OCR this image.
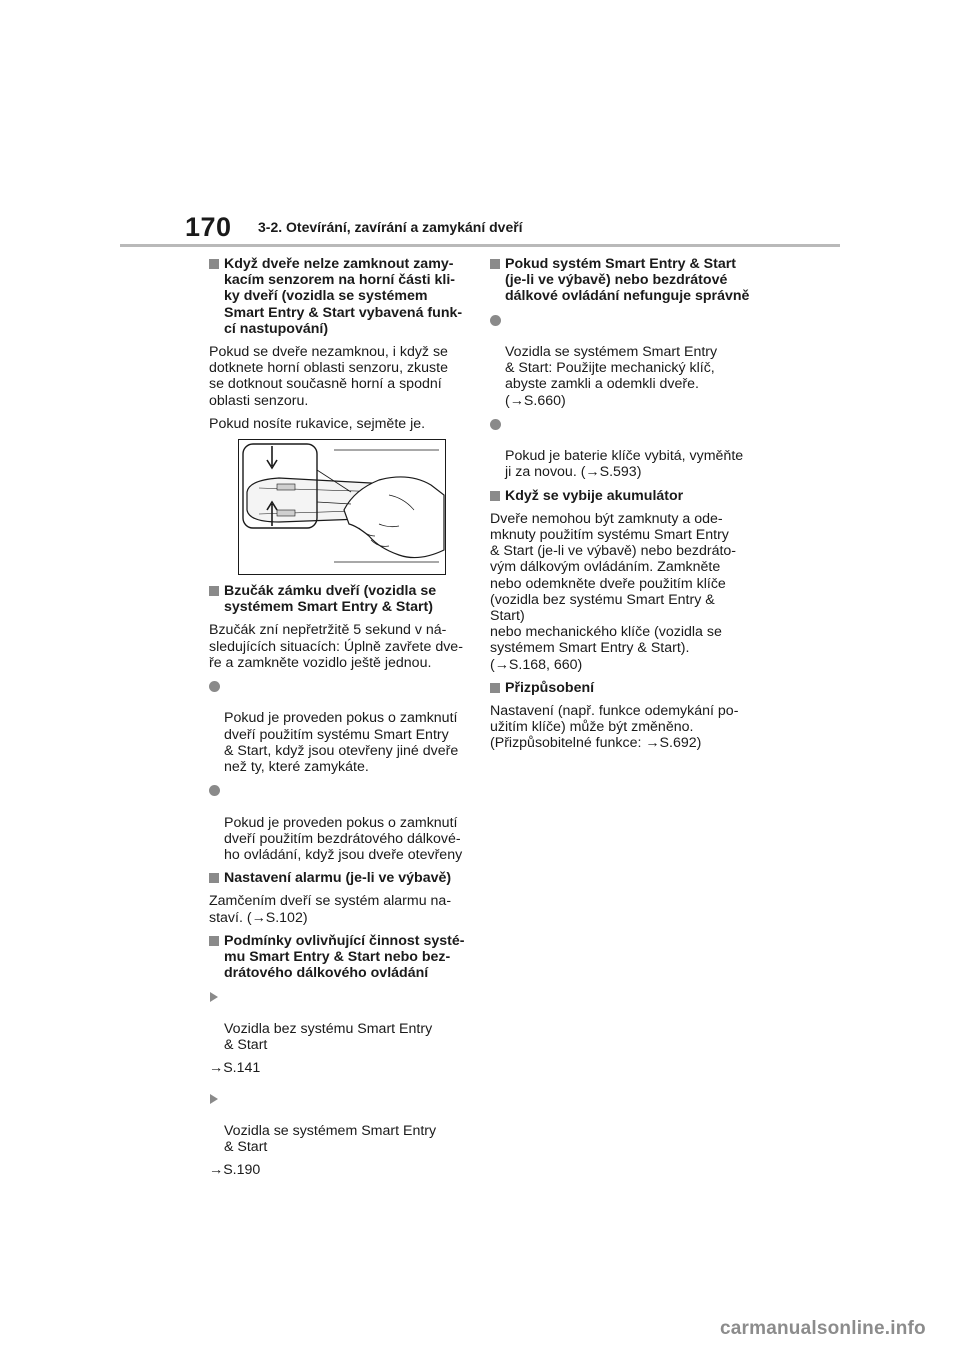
170 3-2. Otevírání, zavírání a zamykání dveří
Když dveře nelze zamknout zamy-
kacím senzorem na horní části kli-
ky dveří (vozidla se systémem
Smart Entry & Start vybavená funk-
cí nastupování)
Pokud se dveře nezamknou, i když se
dotknete horní oblasti senzoru, zkuste
se dotknout současně horní a spodní
oblasti senzoru.
Pokud nosíte rukavice, sejměte je.
Bzučák zámku dveří (vozidla se
systémem Smart Entry & Start)
Bzučák zní nepřetržitě 5 sekund v ná-
sledujících situacích: Úplně zavřete dve-
ře a zamkněte vozidlo ještě jednou.

Pokud je proveden pokus o zamknutí
dveří použitím systému Smart Entry
& Start, když jsou otevřeny jiné dveře
než ty, které zamykáte.

Pokud je proveden pokus o zamknutí
dveří použitím bezdrátového dálkové-
ho ovládání, když jsou dveře otevřeny

Nastavení alarmu (je-li ve výbavě)
Zamčením dveří se systém alarmu na-
staví. (→S.102)
Podmínky ovlivňující činnost systé-
mu Smart Entry & Start nebo bez-
drátového dálkového ovládání

Vozidla bez systému Smart Entry
& Start

→S.141

Vozidla se systémem Smart Entry
& Start

→S.190
Pokud systém Smart Entry & Start
(je-li ve výbavě) nebo bezdrátové
dálkové ovládání nefunguje správně

Vozidla se systémem Smart Entry
& Start: Použijte mechanický klíč,
abyste zamkli a odemkli dveře.
(→S.660)

Pokud je baterie klíče vybitá, vyměňte
ji za novou. (→S.593)

Když se vybije akumulátor
Dveře nemohou být zamknuty a ode-
mknuty použitím systému Smart Entry
& Start (je-li ve výbavě) nebo bezdráto-
vým dálkovým ovládáním. Zamkněte
nebo odemkněte dveře použitím klíče
(vozidla bez systému Smart Entry & Start)
nebo mechanického klíče (vozidla se
systémem Smart Entry & Start).
(→S.168, 660)
Přizpůsobení
Nastavení (např. funkce odemykání po-
užitím klíče) může být změněno.
(Přizpůsobitelné funkce: →S.692)
carmanualsonline.info
